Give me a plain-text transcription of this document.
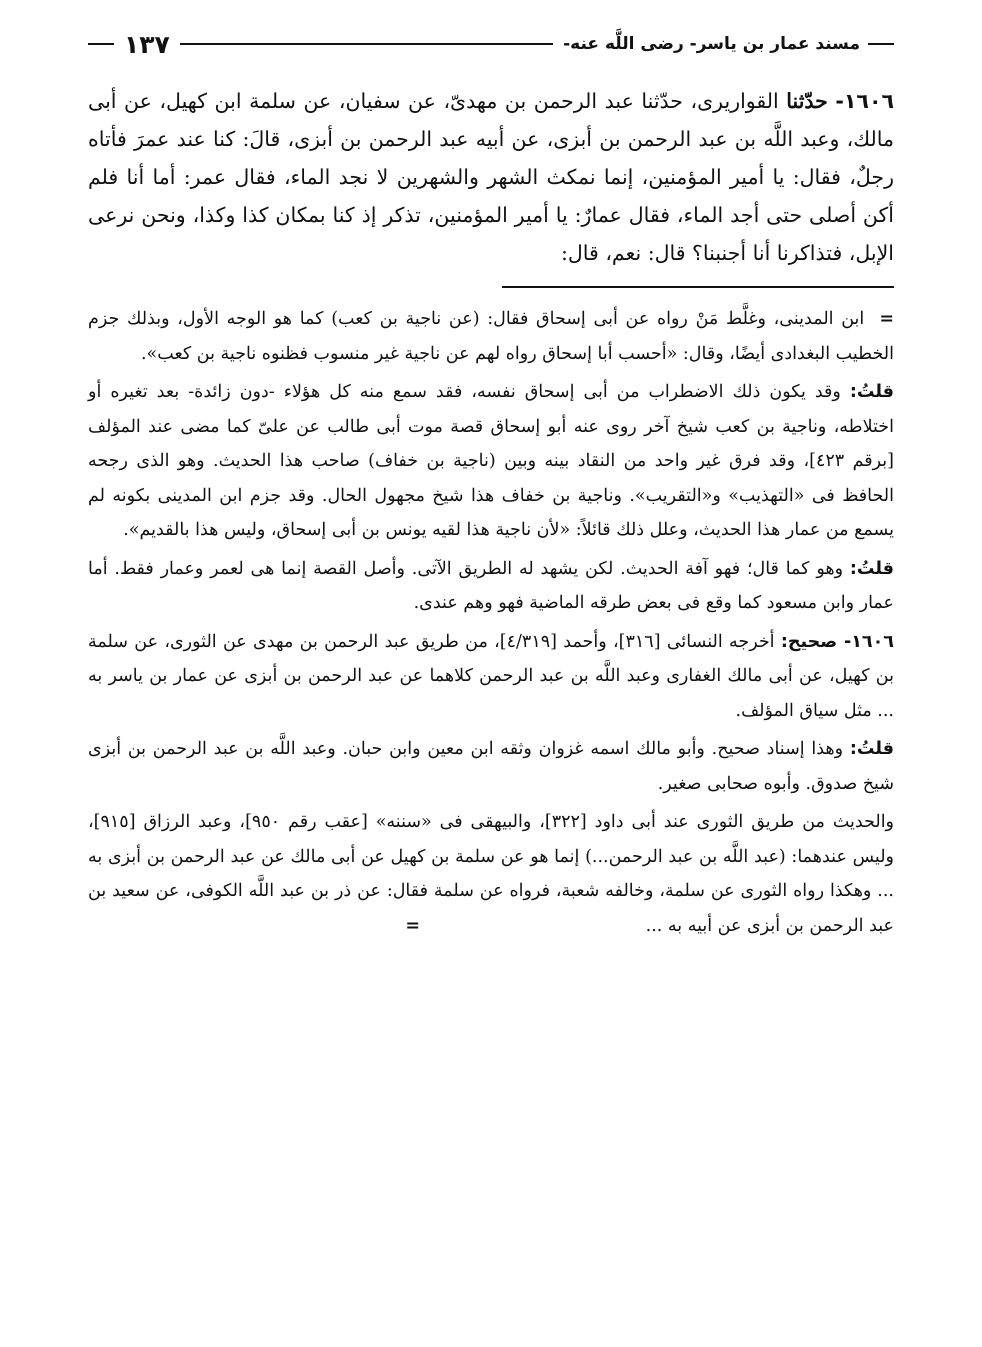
مسند عمار بن ياسر- رضى اللَّه عنه-
١٣٧
١٦٠٦- حدّثنا القواريرى، حدّثنا عبد الرحمن بن مهدىّ، عن سفيان، عن سلمة ابن كهيل، عن أبى مالك، وعبد اللَّه بن عبد الرحمن بن أبزى، عن أبيه عبد الرحمن بن أبزى، قالَ: كنا عند عمرَ فأتاه رجلٌ، فقال: يا أمير المؤمنين، إنما نمكث الشهر والشهرين لا نجد الماء، فقال عمر: أما أنا فلم أكن أصلى حتى أجد الماء، فقال عمارٌ: يا أمير المؤمنين، تذكر إذ كنا بمكان كذا وكذا، ونحن نرعى الإبل، فتذاكرنا أنا أجنبنا؟ قال: نعم، قال:

= ابن المدينى، وغلَّط مَنْ رواه عن أبى إسحاق فقال: (عن ناجية بن كعب) كما هو الوجه الأول، وبذلك جزم الخطيب البغدادى أيضًا، وقال: «أحسب أبا إسحاق رواه لهم عن ناجية غير منسوب فظنوه ناجية بن كعب».

قلتُ: وقد يكون ذلك الاضطراب من أبى إسحاق نفسه، فقد سمع منه كل هؤلاء -دون زائدة- بعد تغيره أو اختلاطه، وناجية بن كعب شيخ آخر روى عنه أبو إسحاق قصة موت أبى طالب عن علىّ كما مضى عند المؤلف [برقم ٤٢٣]، وقد فرق غير واحد من النقاد بينه وبين (ناجية بن خفاف) صاحب هذا الحديث. وهو الذى رجحه الحافظ فى «التهذيب» و«التقريب». وناجية بن خفاف هذا شيخ مجهول الحال. وقد جزم ابن المدينى بكونه لم يسمع من عمار هذا الحديث، وعلل ذلك قائلاً: «لأن ناجية هذا لقيه يونس بن أبى إسحاق، وليس هذا بالقديم».

قلتُ: وهو كما قال؛ فهو آفة الحديث. لكن يشهد له الطريق الآتى. وأصل القصة إنما هى لعمر وعمار فقط. أما عمار وابن مسعود كما وقع فى بعض طرقه الماضية فهو وهم عندى.

١٦٠٦- صحيح: أخرجه النسائى [٣١٦]، وأحمد [٤/٣١٩]، من طريق عبد الرحمن بن مهدى عن الثورى، عن سلمة بن كهيل، عن أبى مالك الغفارى وعبد اللَّه بن عبد الرحمن كلاهما عن عبد الرحمن بن أبزى عن عمار بن ياسر به ... مثل سياق المؤلف.

قلتُ: وهذا إسناد صحيح. وأبو مالك اسمه غزوان وثقه ابن معين وابن حبان. وعبد اللَّه بن عبد الرحمن بن أبزى شيخ صدوق. وأبوه صحابى صغير.

والحديث من طريق الثورى عند أبى داود [٣٢٢]، والبيهقى فى «سننه» [عقب رقم ٩٥٠]، وعبد الرزاق [٩١٥]، وليس عندهما: (عبد اللَّه بن عبد الرحمن...) إنما هو عن سلمة بن كهيل عن أبى مالك عن عبد الرحمن بن أبزى به ... وهكذا رواه الثورى عن سلمة، وخالفه شعبة، فرواه عن سلمة فقال: عن ذر بن عبد اللَّه الكوفى، عن سعيد بن عبد الرحمن بن أبزى عن أبيه به ... =
